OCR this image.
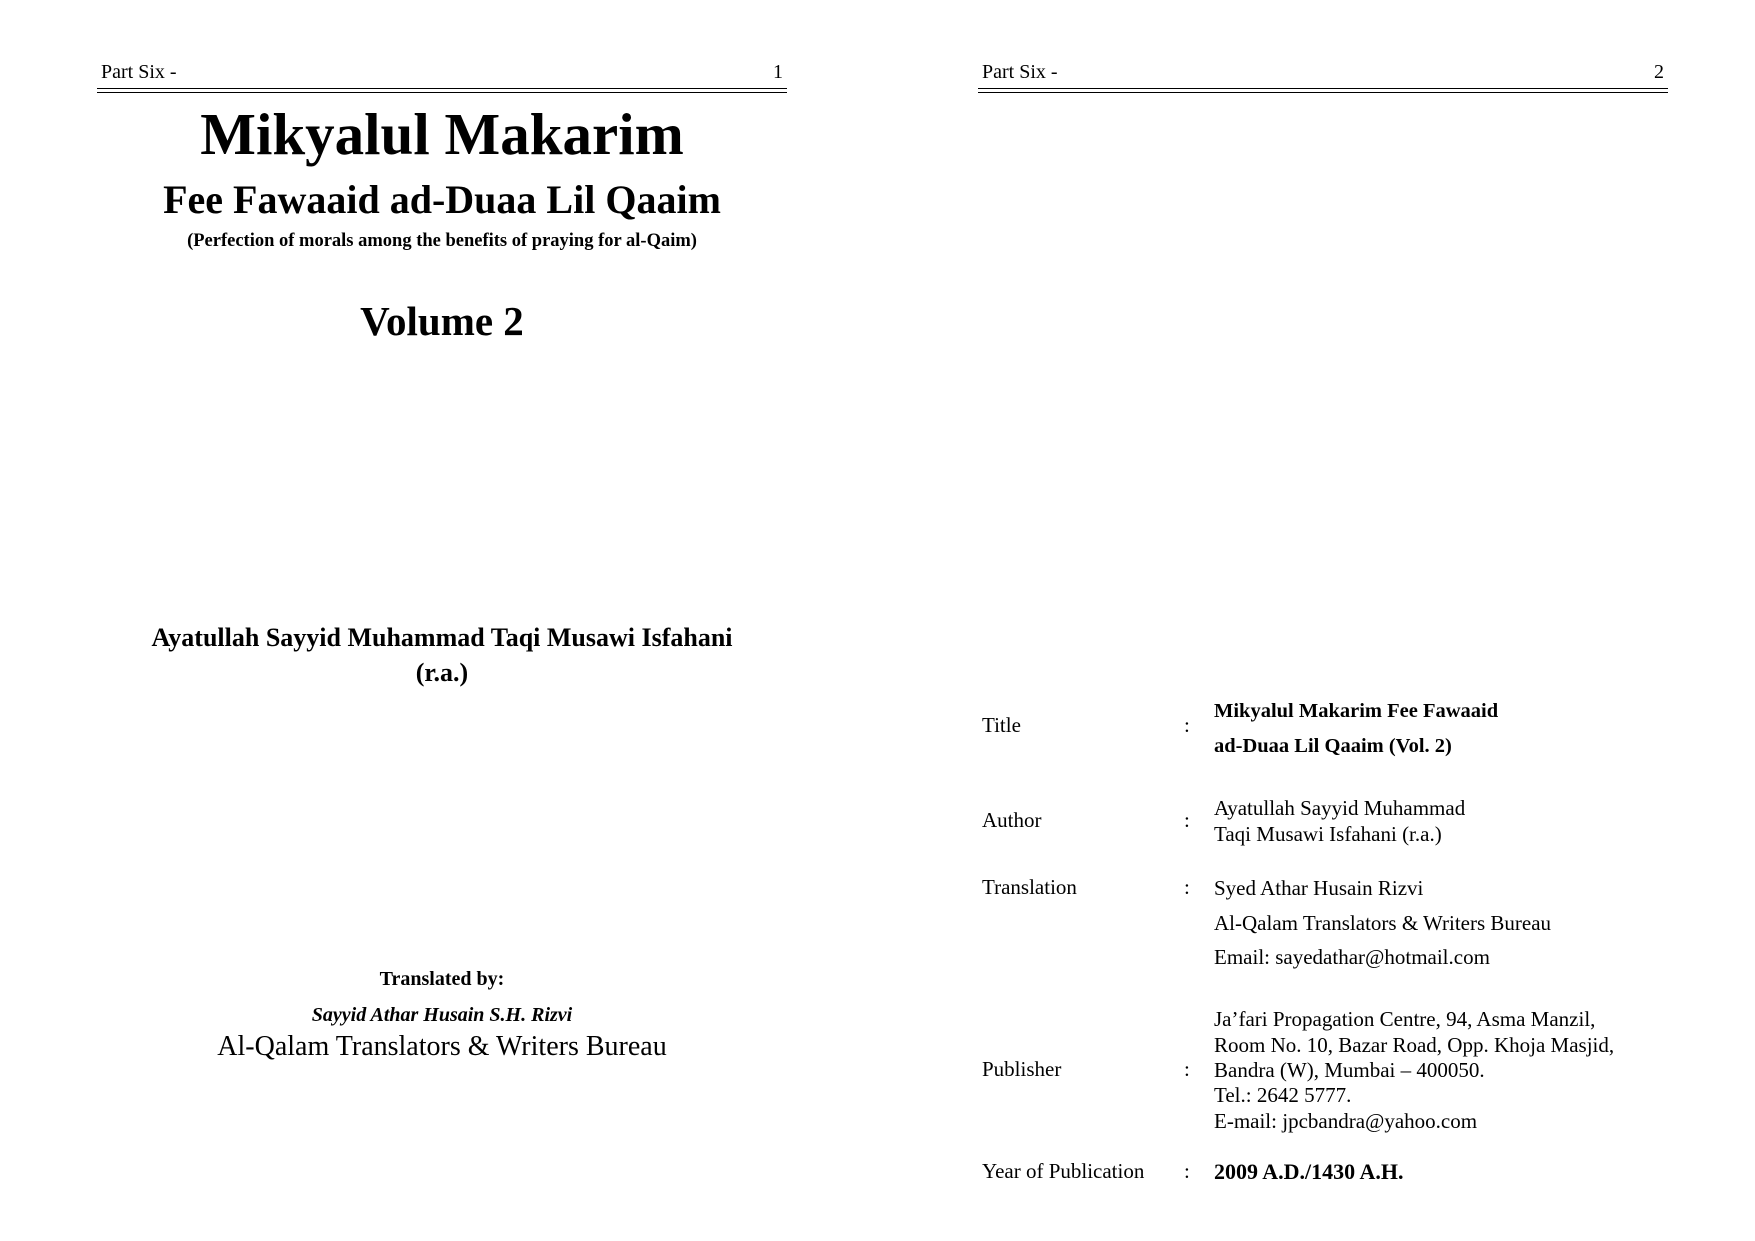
Part Six -	1
Mikyalul Makarim
Fee Fawaaid ad-Duaa Lil Qaaim
(Perfection of morals among the benefits of praying for al-Qaim)
Volume 2
Ayatullah Sayyid Muhammad Taqi Musawi Isfahani
(r.a.)
Translated by:
Sayyid Athar Husain S.H. Rizvi
Al-Qalam Translators & Writers Bureau
Part Six -	2
Title	:
Mikyalul Makarim Fee Fawaaid
ad-Duaa Lil Qaaim (Vol. 2)
Author	: Ayatullah Sayyid Muhammad
Taqi Musawi Isfahani (r.a.)
Translation	: Syed Athar Husain Rizvi
Al-Qalam Translators & Writers Bureau
Email: sayedathar@hotmail.com
Publisher	:
Ja’fari Propagation Centre, 94, Asma Manzil,
Room No. 10, Bazar Road, Opp. Khoja Masjid,
Bandra (W), Mumbai – 400050.
Tel.: 2642 5777.
E-mail: jpcbandra@yahoo.com
Year of Publication : 2009 A.D./1430 A.H.
